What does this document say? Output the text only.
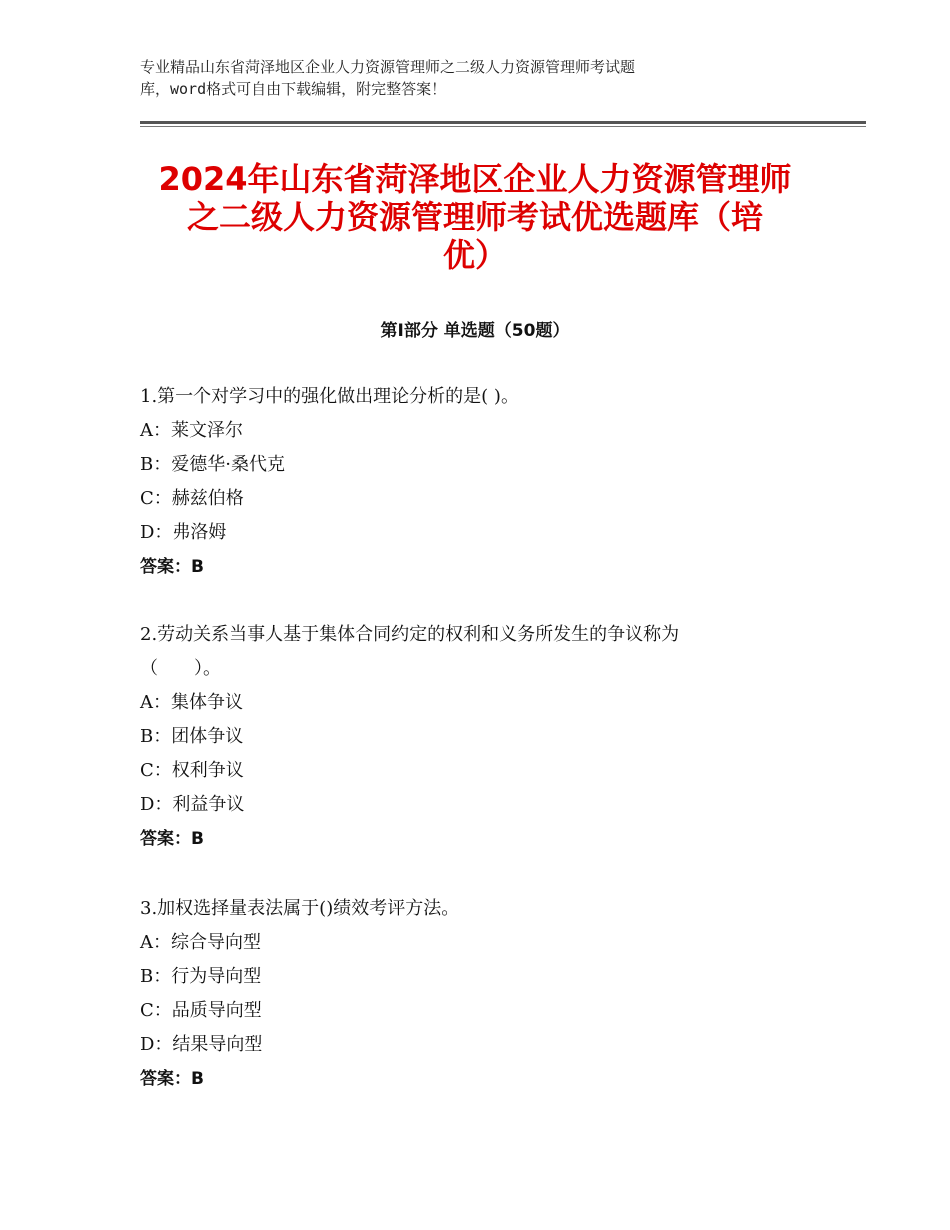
专业精品山东省菏泽地区企业人力资源管理师之二级人力资源管理师考试题
库，word格式可自由下载编辑，附完整答案！
2024年山东省菏泽地区企业人力资源管理师
之二级人力资源管理师考试优选题库（培
优）
第Ⅰ部分 单选题（50题）

1.第一个对学习中的强化做出理论分析的是( )。

A：莱文泽尔

B：爱德华·桑代克

C：赫兹伯格

D：弗洛姆

答案：B

2.劳动关系当事人基于集体合同约定的权利和义务所发生的争议称为

（　　）。

A：集体争议

B：团体争议

C：权利争议

D：利益争议

答案：B

3.加权选择量表法属于()绩效考评方法。

A：综合导向型

B：行为导向型

C：品质导向型

D：结果导向型

答案：B
